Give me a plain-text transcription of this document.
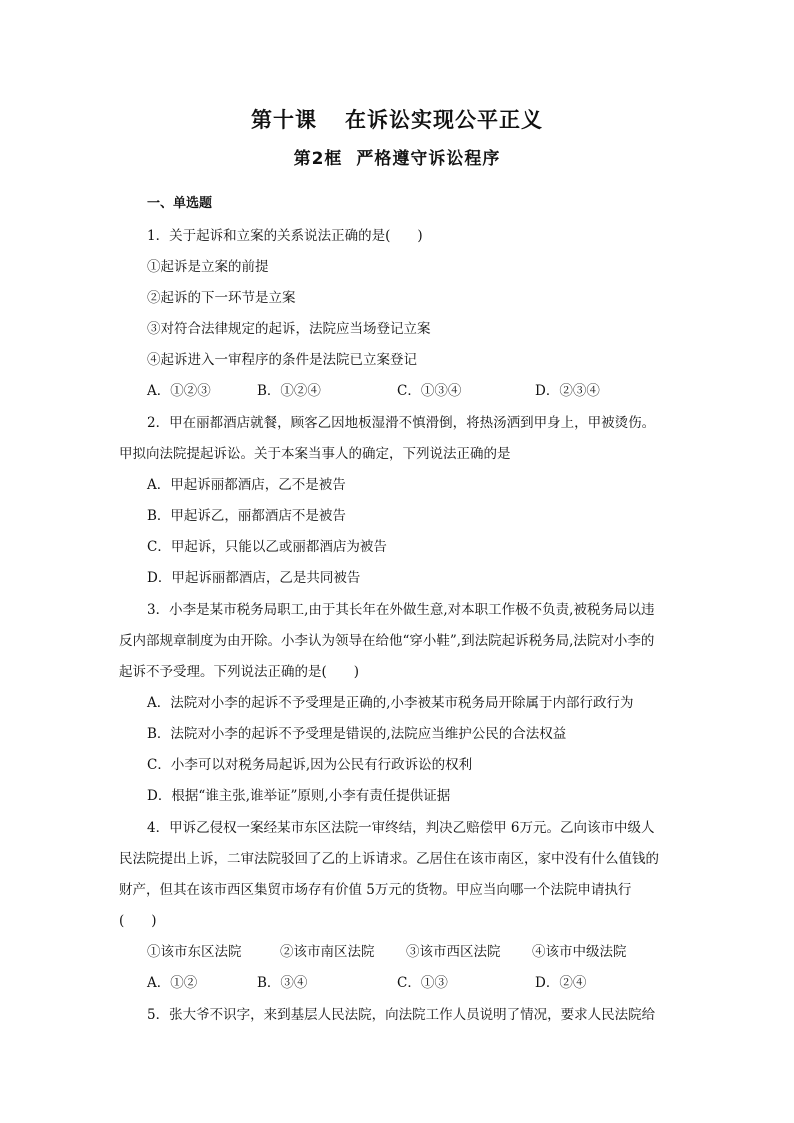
第十课 在诉讼实现公平正义
第2框 严格遵守诉讼程序
一、单选题
1．关于起诉和立案的关系说法正确的是(　　)
①起诉是立案的前提
②起诉的下一环节是立案
③对符合法律规定的起诉，法院应当场登记立案
④起诉进入一审程序的条件是法院已立案登记
A．①②③	B．①②④	C．①③④	D．②③④
2．甲在丽都酒店就餐，顾客乙因地板湿滑不慎滑倒，将热汤洒到甲身上，甲被烫伤。
甲拟向法院提起诉讼。关于本案当事人的确定，下列说法正确的是
A．甲起诉丽都酒店，乙不是被告
B．甲起诉乙，丽都酒店不是被告
C．甲起诉，只能以乙或丽都酒店为被告
D．甲起诉丽都酒店，乙是共同被告
3．小李是某市税务局职工,由于其长年在外做生意,对本职工作极不负责,被税务局以违
反内部规章制度为由开除。小李认为领导在给他“穿小鞋”,到法院起诉税务局,法院对小李的
起诉不予受理。下列说法正确的是(　　)
A．法院对小李的起诉不予受理是正确的,小李被某市税务局开除属于内部行政行为
B．法院对小李的起诉不予受理是错误的,法院应当维护公民的合法权益
C．小李可以对税务局起诉,因为公民有行政诉讼的权利
D．根据“谁主张,谁举证”原则,小李有责任提供证据
4．甲诉乙侵权一案经某市东区法院一审终结，判决乙赔偿甲 6万元。乙向该市中级人
民法院提出上诉，二审法院驳回了乙的上诉请求。乙居住在该市南区，家中没有什么值钱的
财产，但其在该市西区集贸市场存有价值 5万元的货物。甲应当向哪一个法院申请执行
(　　)
①该市东区法院	②该市南区法院 ③该市西区法院 ④该市中级法院
A．①②	B．③④	C．①③	D．②④
5．张大爷不识字，来到基层人民法院，向法院工作人员说明了情况，要求人民法院给
